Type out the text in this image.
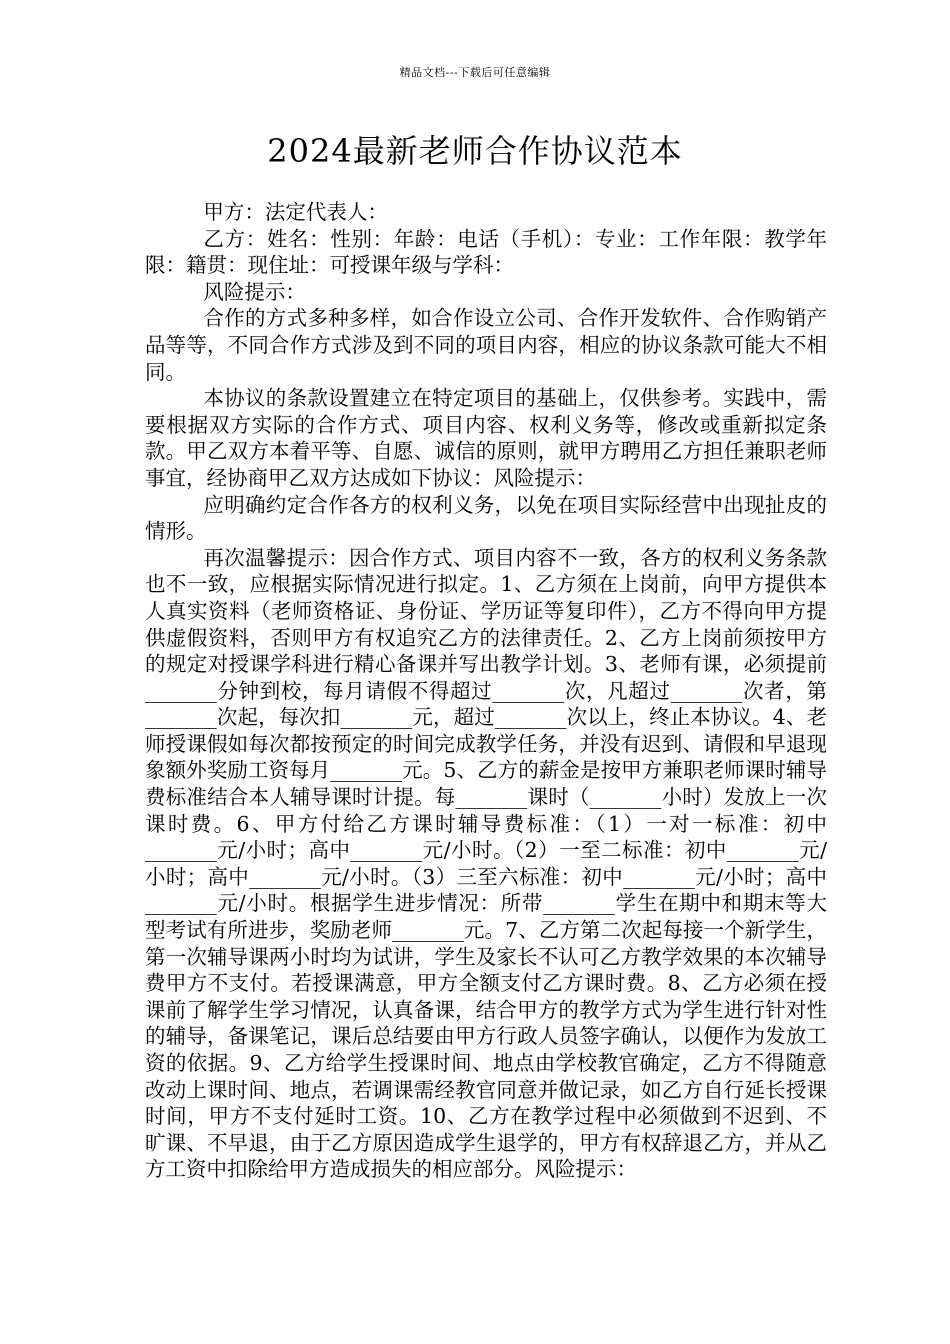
精品文档---下载后可任意编辑
2024最新老师合作协议范本

甲方：法定代表人：

乙方：姓名：性别：年龄：电话（手机）：专业：工作年限：教学年限：籍贯：现住址：可授课年级与学科：

风险提示：

合作的方式多种多样，如合作设立公司、合作开发软件、合作购销产品等等，不同合作方式涉及到不同的项目内容，相应的协议条款可能大不相同。

本协议的条款设置建立在特定项目的基础上，仅供参考。实践中，需要根据双方实际的合作方式、项目内容、权利义务等，修改或重新拟定条款。甲乙双方本着平等、自愿、诚信的原则，就甲方聘用乙方担任兼职老师事宜，经协商甲乙双方达成如下协议：风险提示：

应明确约定合作各方的权利义务，以免在项目实际经营中出现扯皮的情形。

再次温馨提示：因合作方式、项目内容不一致，各方的权利义务条款也不一致，应根据实际情况进行拟定。1、乙方须在上岗前，向甲方提供本人真实资料（老师资格证、身份证、学历证等复印件），乙方不得向甲方提供虚假资料，否则甲方有权追究乙方的法律责任。2、乙方上岗前须按甲方的规定对授课学科进行精心备课并写出教学计划。3、老师有课，必须提前_______分钟到校，每月请假不得超过_______次，凡超过_______次者，第_______次起，每次扣_______元，超过_______次以上，终止本协议。4、老师授课假如每次都按预定的时间完成教学任务，并没有迟到、请假和早退现象额外奖励工资每月_______元。5、乙方的薪金是按甲方兼职老师课时辅导费标准结合本人辅导课时计提。每_______课时（_______小时）发放上一次课时费。6、甲方付给乙方课时辅导费标准：（1）一对一标准：初中_______元/小时；高中_______元/小时。（2）一至二标准：初中_______元/小时；高中_______元/小时。（3）三至六标准：初中_______元/小时；高中_______元/小时。根据学生进步情况：所带_______学生在期中和期末等大型考试有所进步，奖励老师_______元。7、乙方第二次起每接一个新学生，第一次辅导课两小时均为试讲，学生及家长不认可乙方教学效果的本次辅导费甲方不支付。若授课满意，甲方全额支付乙方课时费。8、乙方必须在授课前了解学生学习情况，认真备课，结合甲方的教学方式为学生进行针对性的辅导，备课笔记，课后总结要由甲方行政人员签字确认，以便作为发放工资的依据。9、乙方给学生授课时间、地点由学校教官确定，乙方不得随意改动上课时间、地点，若调课需经教官同意并做记录，如乙方自行延长授课时间，甲方不支付延时工资。10、乙方在教学过程中必须做到不迟到、不旷课、不早退，由于乙方原因造成学生退学的，甲方有权辞退乙方，并从乙方工资中扣除给甲方造成损失的相应部分。风险提示：
